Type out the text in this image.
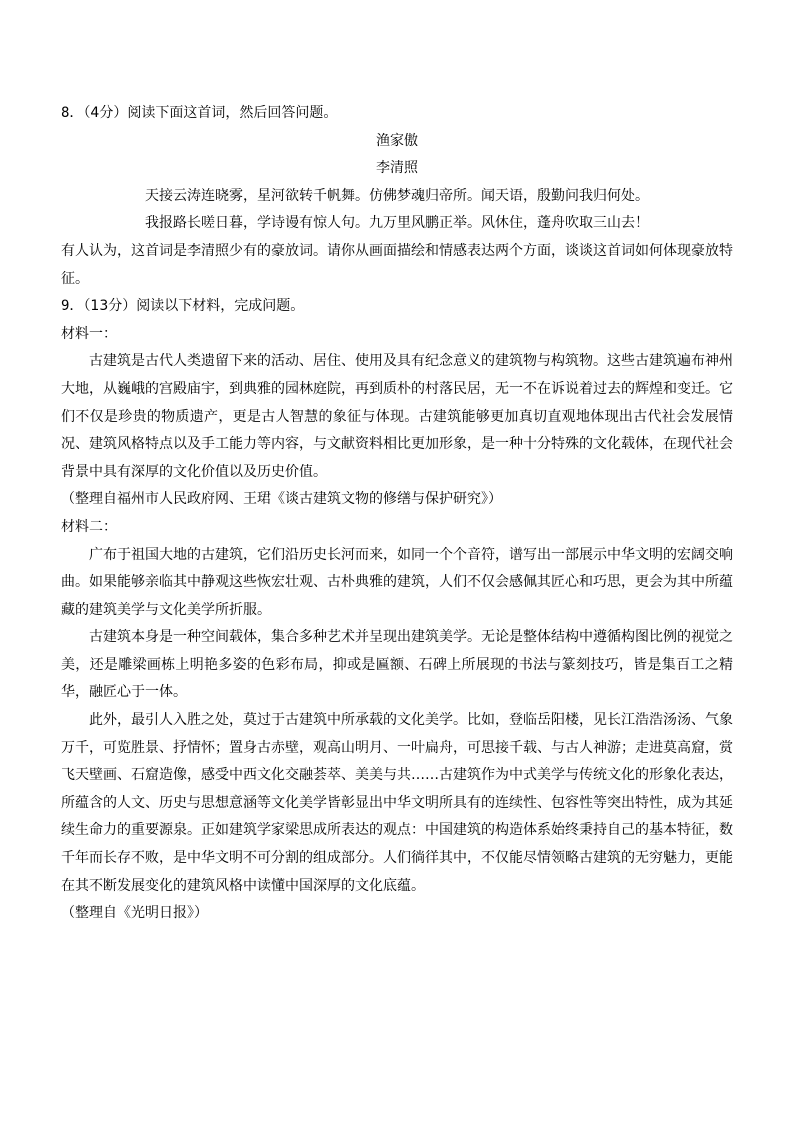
8．（4分）阅读下面这首词，然后回答问题。

渔家傲

李清照

天接云涛连晓雾，星河欲转千帆舞。仿佛梦魂归帝所。闻天语，殷勤问我归何处。

我报路长嗟日暮，学诗谩有惊人句。九万里风鹏正举。风休住，蓬舟吹取三山去！

有人认为，这首词是李清照少有的豪放词。请你从画面描绘和情感表达两个方面，谈谈这首词如何体现豪放特征。

9．（13分）阅读以下材料，完成问题。

材料一：

古建筑是古代人类遗留下来的活动、居住、使用及具有纪念意义的建筑物与构筑物。这些古建筑遍布神州大地，从巍峨的宫殿庙宇，到典雅的园林庭院，再到质朴的村落民居，无一不在诉说着过去的辉煌和变迁。它们不仅是珍贵的物质遗产，更是古人智慧的象征与体现。古建筑能够更加真切直观地体现出古代社会发展情况、建筑风格特点以及手工能力等内容，与文献资料相比更加形象，是一种十分特殊的文化载体，在现代社会背景中具有深厚的文化价值以及历史价值。

（整理自福州市人民政府网、王珺《谈古建筑文物的修缮与保护研究》）

材料二：

广布于祖国大地的古建筑，它们沿历史长河而来，如同一个个音符，谱写出一部展示中华文明的宏阔交响曲。如果能够亲临其中静观这些恢宏壮观、古朴典雅的建筑，人们不仅会感佩其匠心和巧思，更会为其中所蕴藏的建筑美学与文化美学所折服。

古建筑本身是一种空间载体，集合多种艺术并呈现出建筑美学。无论是整体结构中遵循构图比例的视觉之美，还是雕梁画栋上明艳多姿的色彩布局，抑或是匾额、石碑上所展现的书法与篆刻技巧，皆是集百工之精华，融匠心于一体。

此外，最引人入胜之处，莫过于古建筑中所承载的文化美学。比如，登临岳阳楼，见长江浩浩汤汤、气象万千，可览胜景、抒情怀；置身古赤壁，观高山明月、一叶扁舟，可思接千载、与古人神游；走进莫高窟，赏飞天壁画、石窟造像，感受中西文化交融荟萃、美美与共……古建筑作为中式美学与传统文化的形象化表达，所蕴含的人文、历史与思想意涵等文化美学皆彰显出中华文明所具有的连续性、包容性等突出特性，成为其延续生命力的重要源泉。正如建筑学家梁思成所表达的观点：中国建筑的构造体系始终秉持自己的基本特征，数千年而长存不败，是中华文明不可分割的组成部分。人们徜徉其中，不仅能尽情领略古建筑的无穷魅力，更能在其不断发展变化的建筑风格中读懂中国深厚的文化底蕴。

（整理自《光明日报》）
